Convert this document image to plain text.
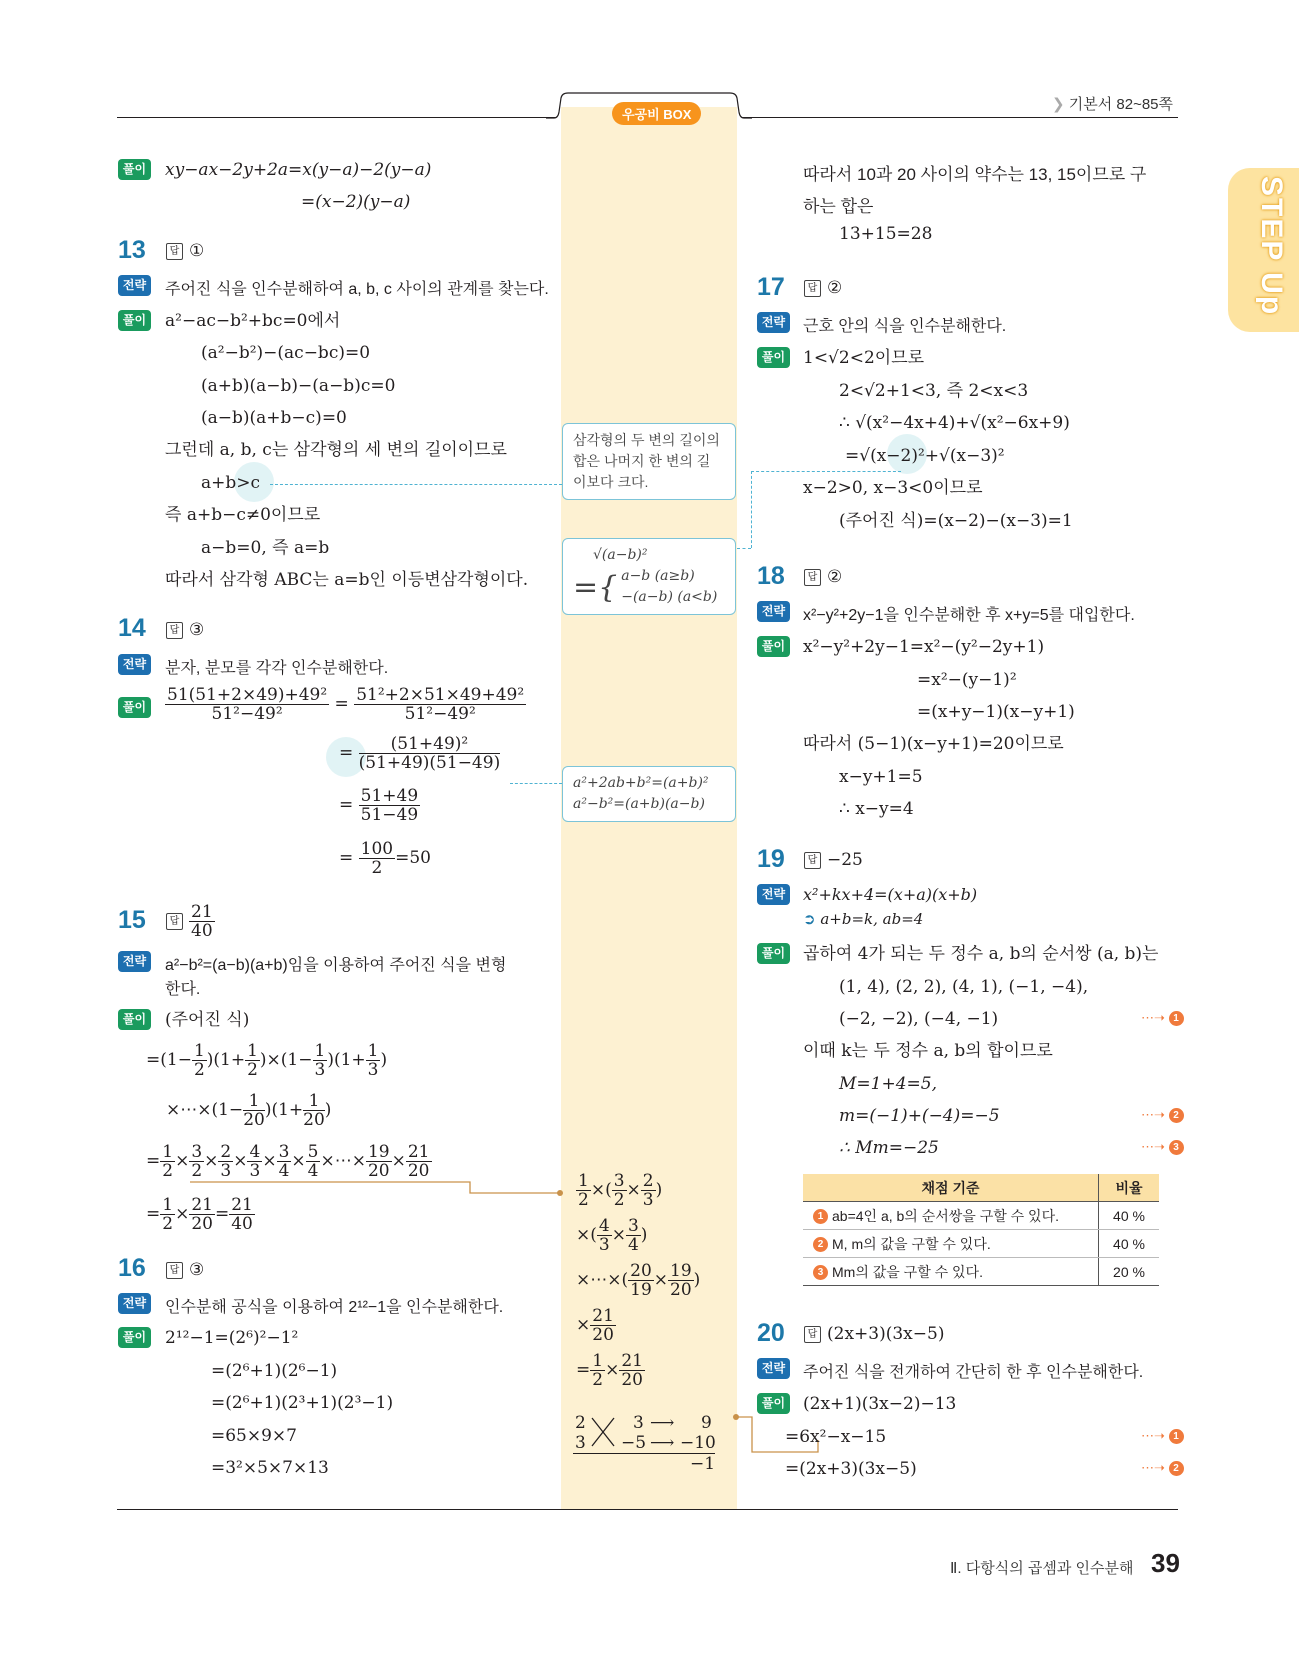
우공비 BOX
❯ 기본서 82~85쪽
STEP Up
풀이 xy−ax−2y+2a=x(y−a)−2(y−a)
=(x−2)(y−a)
13	답 ①
전략	주어진 식을 인수분해하여 a, b, c 사이의 관계를 찾는다.
풀이 a²−ac−b²+bc=0에서
(a²−b²)−(ac−bc)=0
(a+b)(a−b)−(a−b)c=0
(a−b)(a+b−c)=0
그런데 a, b, c는 삼각형의 세 변의 길이이므로
a+b>c
즉 a+b−c≠0이므로
a−b=0, 즉 a=b
따라서 삼각형 ABC는 a=b인 이등변삼각형이다.
14	답 ③
전략	분자, 분모를 각각 인수분해한다.
풀이 $\frac{\text{51(51+2×49)+49²}}{\text{51²−49²}} = \frac{\text{51²+2×51×49+49²}}{\text{51²−49²}}$
= $\frac{\text{(51+49)²}}{(51+49)(51-49)}$
= $\frac{51+49}{51-49}$
= $\frac{100}{2} =50$
15	답 $\frac{21}{40}$
전략	a²−b²=(a−b)(a+b)임을 이용하여 주어진 식을 변형
한다.
풀이 (주어진 식)
$=(1- \frac{1}{2} )(1+ \frac{1}{2} )\times(1- \frac{1}{3} )(1+ \frac{1}{3}$ )
×⋯×(1− $\frac{1}{20} )(1+ \frac{1}{20}$ )
= $\frac{1}{2} \times \frac{3}{2} \times \frac{2}{3} \times \frac{4}{3} \times \frac{3}{4} \times \frac{5}{4}$ ×⋯× $\frac{19}{20} \times \frac{21}{20}$
= $\frac{1}{2} \times \frac{21}{20} = \frac{21}{40}$
16	답 ③
전략	인수분해 공식을 이용하여 2¹²−1을 인수분해한다.
풀이 2¹²−1=(2⁶)²−1²
=(2⁶+1)(2⁶−1)
=(2⁶+1)(2³+1)(2³−1)
=65×9×7
=3²×5×7×13
삼각형의 두 변의 길이의
합은 나머지 한 변의 길
이보다 크다.
√(a−b)²
={ a−b (a≥b)
−(a−b) (a<b)
a²+2ab+b²=(a+b)²
a²−b²=(a+b)(a−b)
$\frac{1}{2}$ ×( $\frac{3}{2} \times \frac{2}{3}$ )
×( $\frac{4}{3} \times \frac{3}{4}$ )
×⋯×( $\frac{20}{19} \times \frac{19}{20}$ )
× $\frac{21}{20}$
= $\frac{1}{2} \times \frac{21}{20}$
2
3
3
−5
⟶
⟶
9
−10
−1
따라서 10과 20 사이의 약수는 13, 15이므로 구
하는 합은
13+15=28
17	답 ②
전략	근호 안의 식을 인수분해한다.
풀이 1<√2<2이므로
2<√2+1<3, 즉 2<x<3
∴ √(x²−4x+4)+√(x²−6x+9)
=√(x−2)²+√(x−3)²
x−2>0, x−3<0이므로
(주어진 식)=(x−2)−(x−3)=1
18	답 ②
전략	x²−y²+2y−1을 인수분해한 후 x+y=5를 대입한다.
풀이 x²−y²+2y−1=x²−(y²−2y+1)
=x²−(y−1)²
=(x+y−1)(x−y+1)
따라서 (5−1)(x−y+1)=20이므로
x−y+1=5
∴ x−y=4
19	답 −25
전략	x²+kx+4=(x+a)(x+b)
➲ a+b=k, ab=4
풀이 곱하여 4가 되는 두 정수 a, b의 순서쌍 (a, b)는
(1, 4), (2, 2), (4, 1), (−1, −4),
(−2, −2), (−4, −1)	⋯➝ 1
이때 k는 두 정수 a, b의 합이므로
M=1+4=5,
m=(−1)+(−4)=−5	⋯➝ 2
∴ Mm=−25	⋯➝ 3
채점 기준	비율
1 ab=4인 a, b의 순서쌍을 구할 수 있다.	40 %
2 M, m의 값을 구할 수 있다.	40 %
3 Mm의 값을 구할 수 있다.	20 %
20	답 (2x+3)(3x−5)
전략	주어진 식을 전개하여 간단히 한 후 인수분해한다.
풀이 (2x+1)(3x−2)−13
=6x²−x−15	⋯➝ 1
=(2x+3)(3x−5)	⋯➝ 2
Ⅱ. 다항식의 곱셈과 인수분해 39
